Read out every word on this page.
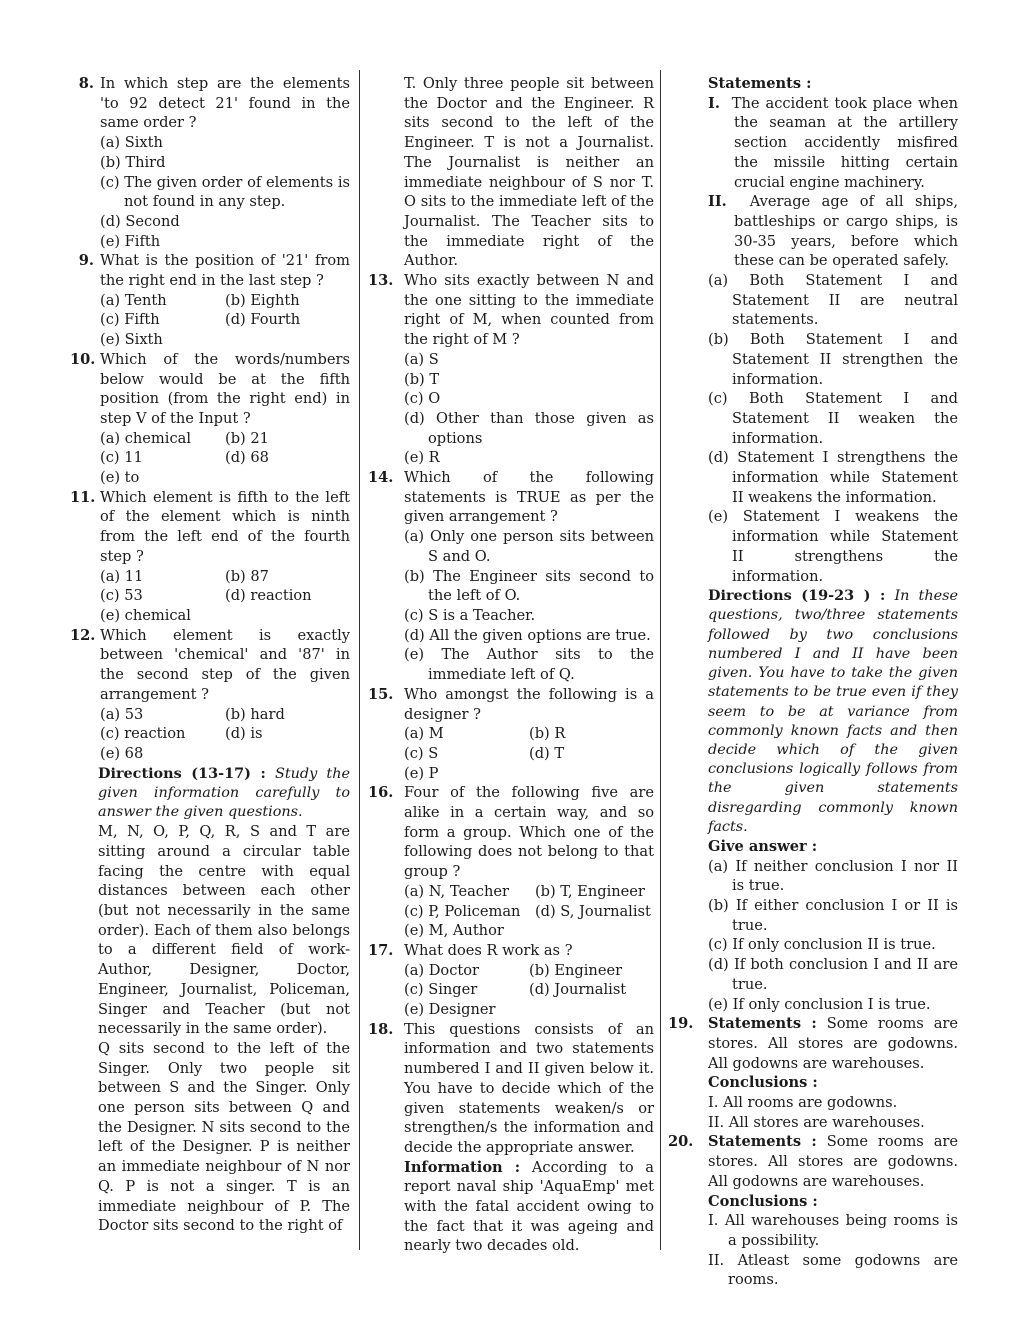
8. In which step are the elements 'to 92 detect 21' found in the same order ?
(a) Sixth
(b) Third
(c) The given order of elements is not found in any step.
(d) Second
(e) Fifth
9. What is the position of '21' from the right end in the last step ?
(a) Tenth	(b) Eighth
(c) Fifth	(d) Fourth
(e) Sixth
10. Which of the words/numbers below would be at the fifth position (from the right end) in step V of the Input ?
(a) chemical	(b) 21
(c) 11	(d) 68
(e) to
11. Which element is fifth to the left of the element which is ninth from the left end of the fourth step ?
(a) 11	(b) 87
(c) 53	(d) reaction
(e) chemical
12. Which element is exactly between 'chemical' and '87' in the second step of the given arrangement ?
(a) 53	(b) hard
(c) reaction	(d) is
(e) 68
Directions (13-17) : Study the given information carefully to answer the given questions.
M, N, O, P, Q, R, S and T are sitting around a circular table facing the centre with equal distances between each other (but not necessarily in the same order). Each of them also belongs to a different field of work- Author, Designer, Doctor, Engineer, Journalist, Policeman, Singer and Teacher (but not necessarily in the same order).
Q sits second to the left of the Singer. Only two people sit between S and the Singer. Only one person sits between Q and the Designer. N sits second to the left of the Designer. P is neither an immediate neighbour of N nor Q. P is not a singer. T is an immediate neighbour of P. The Doctor sits second to the right of
T. Only three people sit between the Doctor and the Engineer. R sits second to the left of the Engineer. T is not a Journalist. The Journalist is neither an immediate neighbour of S nor T. O sits to the immediate left of the Journalist. The Teacher sits to the immediate right of the Author.
13. Who sits exactly between N and the one sitting to the immediate right of M, when counted from the right of M ?
(a) S
(b) T
(c) O
(d) Other than those given as options
(e) R
14. Which of the following statements is TRUE as per the given arrangement ?
(a) Only one person sits between S and O.
(b) The Engineer sits second to the left of O.
(c) S is a Teacher.
(d) All the given options are true.
(e) The Author sits to the immediate left of Q.
15. Who amongst the following is a designer ?
(a) M	(b) R
(c) S	(d) T
(e) P
16. Four of the following five are alike in a certain way, and so form a group. Which one of the following does not belong to that group ?
(a) N, Teacher	(b) T, Engineer
(c) P, Policeman (d) S, Journalist
(e) M, Author
17. What does R work as ?
(a) Doctor	(b) Engineer
(c) Singer	(d) Journalist
(e) Designer
18. This questions consists of an information and two statements numbered I and II given below it. You have to decide which of the given statements weaken/s or strengthen/s the information and decide the appropriate answer.
Information : According to a report naval ship 'AquaEmp' met with the fatal accident owing to the fact that it was ageing and nearly two decades old.
Statements :
I. The accident took place when the seaman at the artillery section accidently misfired the missile hitting certain crucial engine machinery.
II. Average age of all ships, battleships or cargo ships, is 30-35 years, before which these can be operated safely.
(a) Both Statement I and Statement II are neutral statements.
(b) Both Statement I and Statement II strengthen the information.
(c) Both Statement I and Statement II weaken the information.
(d) Statement I strengthens the information while Statement II weakens the information.
(e) Statement I weakens the information while Statement II strengthens the information.
Directions (19-23 ) : In these questions, two/three statements followed by two conclusions numbered I and II have been given. You have to take the given statements to be true even if they seem to be at variance from commonly known facts and then decide which of the given conclusions logically follows from the given statements disregarding commonly known facts.
Give answer :
(a) If neither conclusion I nor II is true.
(b) If either conclusion I or II is true.
(c) If only conclusion II is true.
(d) If both conclusion I and II are true.
(e) If only conclusion I is true.
19. Statements : Some rooms are stores. All stores are godowns. All godowns are warehouses.
Conclusions :
I. All rooms are godowns.
II. All stores are warehouses.
20. Statements : Some rooms are stores. All stores are godowns. All godowns are warehouses.
Conclusions :
I. All warehouses being rooms is a possibility.
II. Atleast some godowns are rooms.
